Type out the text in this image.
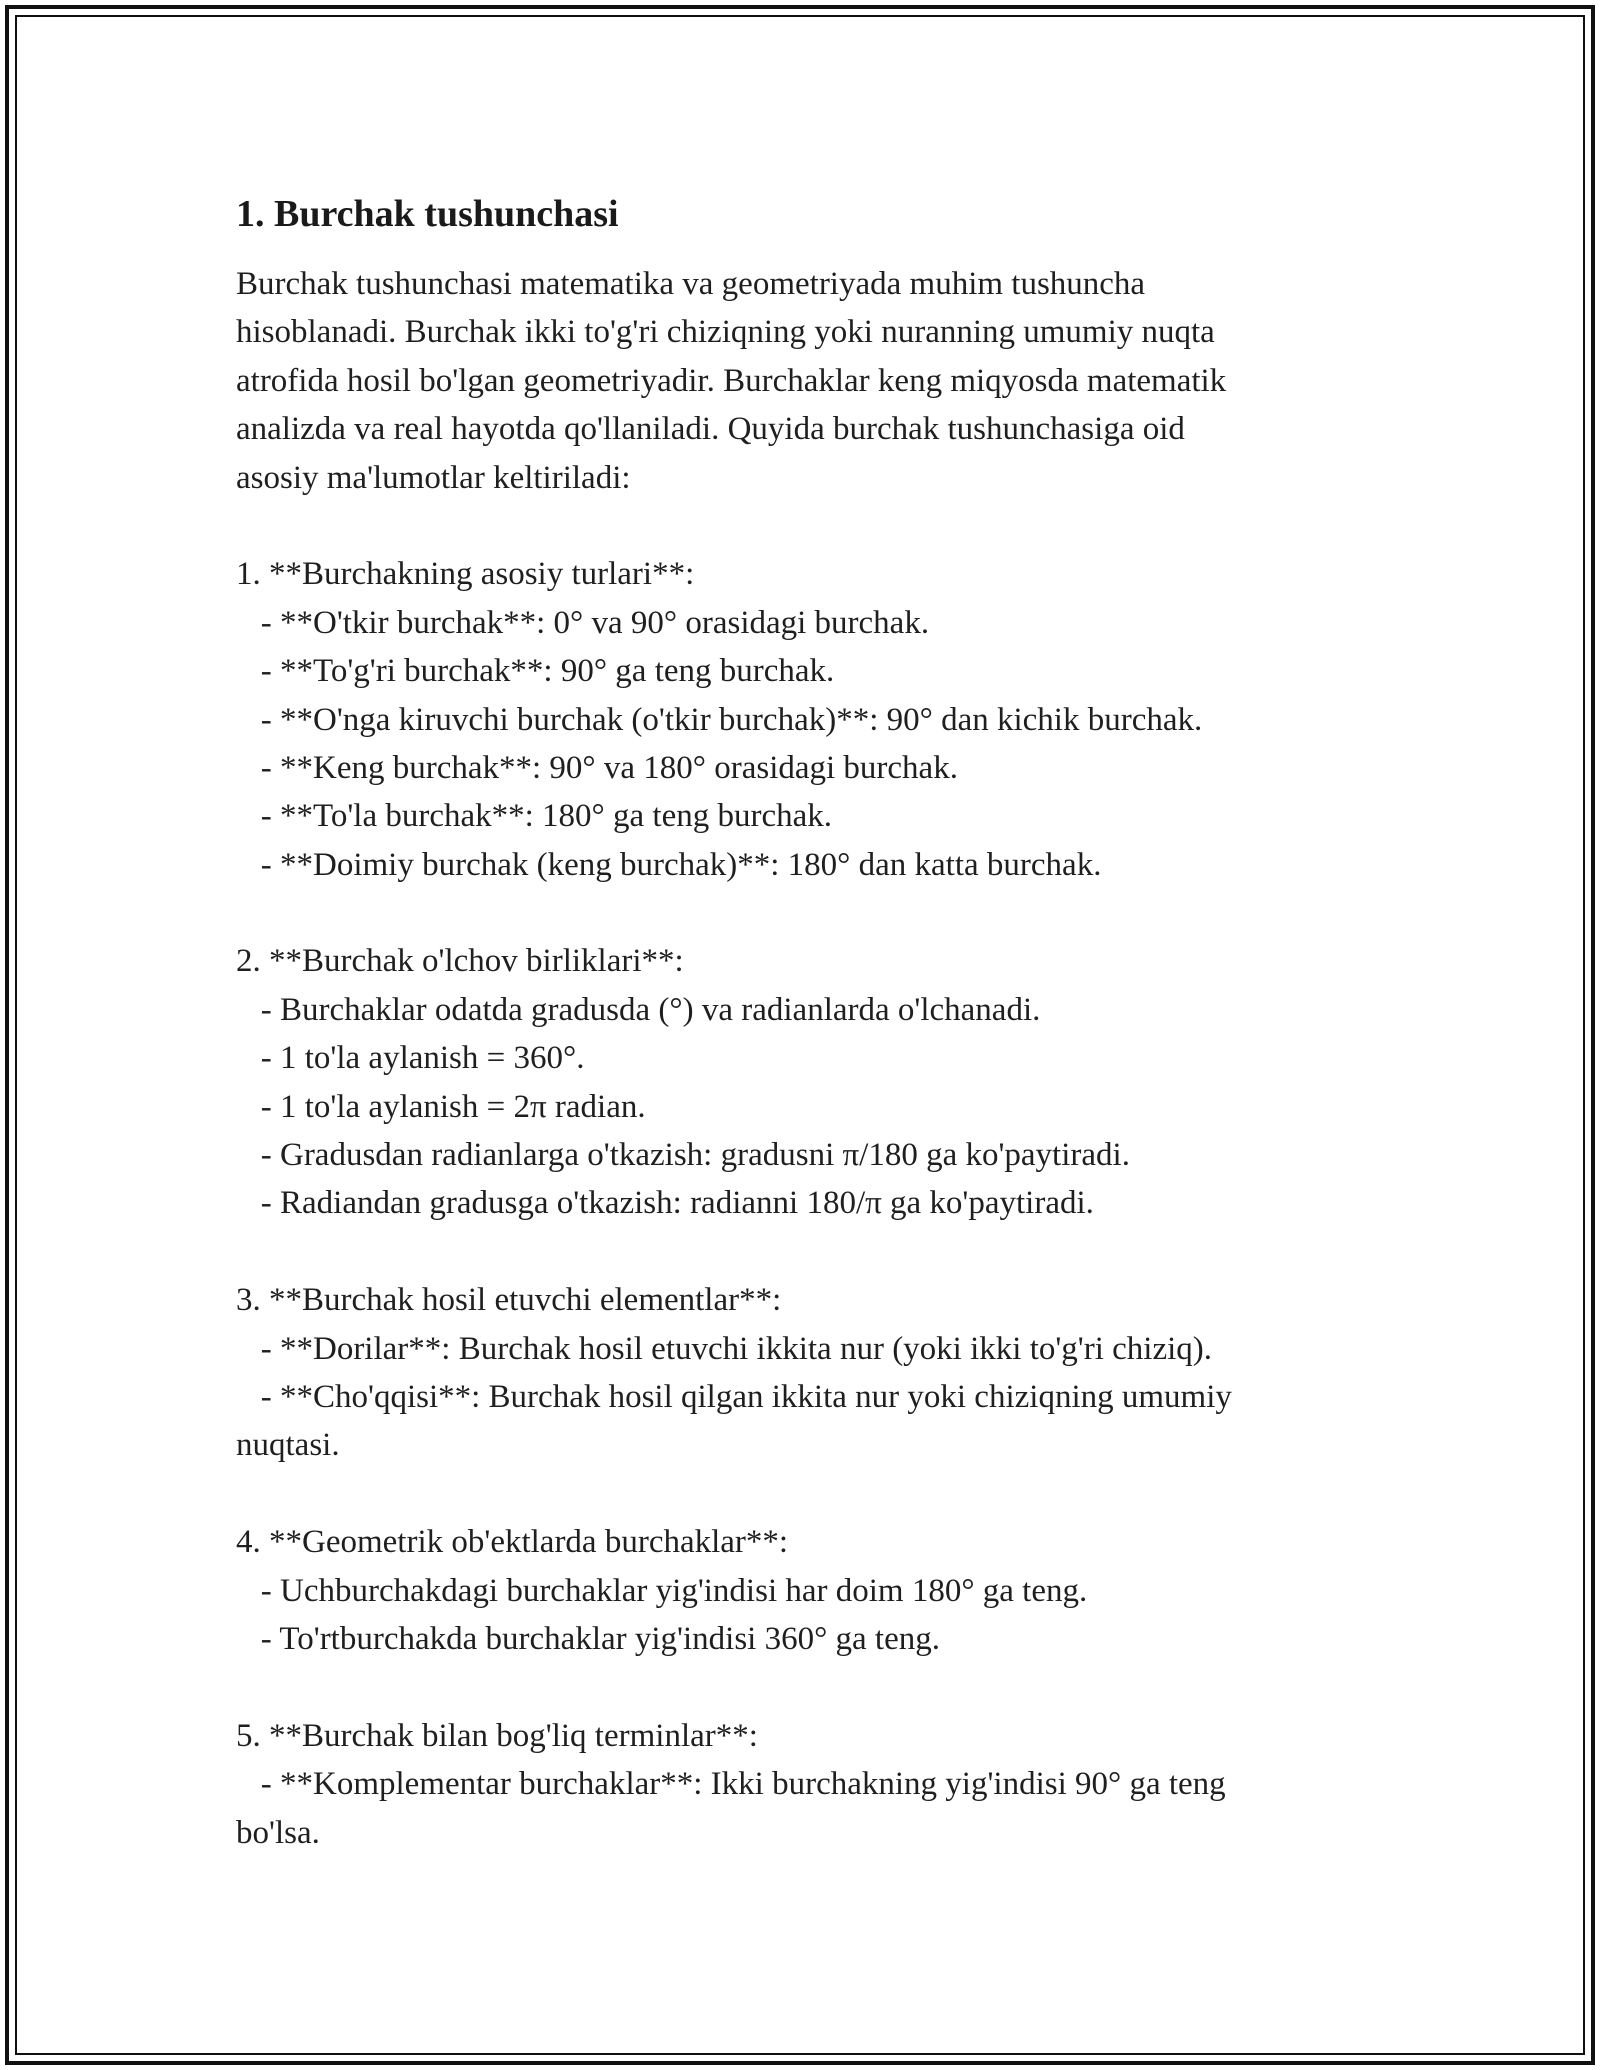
1. Burchak tushunchasi
Burchak tushunchasi matematika va geometriyada muhim tushuncha
hisoblanadi. Burchak ikki to'g'ri chiziqning yoki nuranning umumiy nuqta
atrofida hosil bo'lgan geometriyadir. Burchaklar keng miqyosda matematik
analizda va real hayotda qo'llaniladi. Quyida burchak tushunchasiga oid
asosiy ma'lumotlar keltiriladi:
1. **Burchakning asosiy turlari**:
- **O'tkir burchak**: 0° va 90° orasidagi burchak.
- **To'g'ri burchak**: 90° ga teng burchak.
- **O'nga kiruvchi burchak (o'tkir burchak)**: 90° dan kichik burchak.
- **Keng burchak**: 90° va 180° orasidagi burchak.
- **To'la burchak**: 180° ga teng burchak.
- **Doimiy burchak (keng burchak)**: 180° dan katta burchak.
2. **Burchak o'lchov birliklari**:
- Burchaklar odatda gradusda (°) va radianlarda o'lchanadi.
- 1 to'la aylanish = 360°.
- 1 to'la aylanish = 2π radian.
- Gradusdan radianlarga o'tkazish: gradusni π/180 ga ko'paytiradi.
- Radiandan gradusga o'tkazish: radianni 180/π ga ko'paytiradi.
3. **Burchak hosil etuvchi elementlar**:
- **Dorilar**: Burchak hosil etuvchi ikkita nur (yoki ikki to'g'ri chiziq).
- **Cho'qqisi**: Burchak hosil qilgan ikkita nur yoki chiziqning umumiy
nuqtasi.
4. **Geometrik ob'ektlarda burchaklar**:
- Uchburchakdagi burchaklar yig'indisi har doim 180° ga teng.
- To'rtburchakda burchaklar yig'indisi 360° ga teng.
5. **Burchak bilan bog'liq terminlar**:
- **Komplementar burchaklar**: Ikki burchakning yig'indisi 90° ga teng
bo'lsa.
